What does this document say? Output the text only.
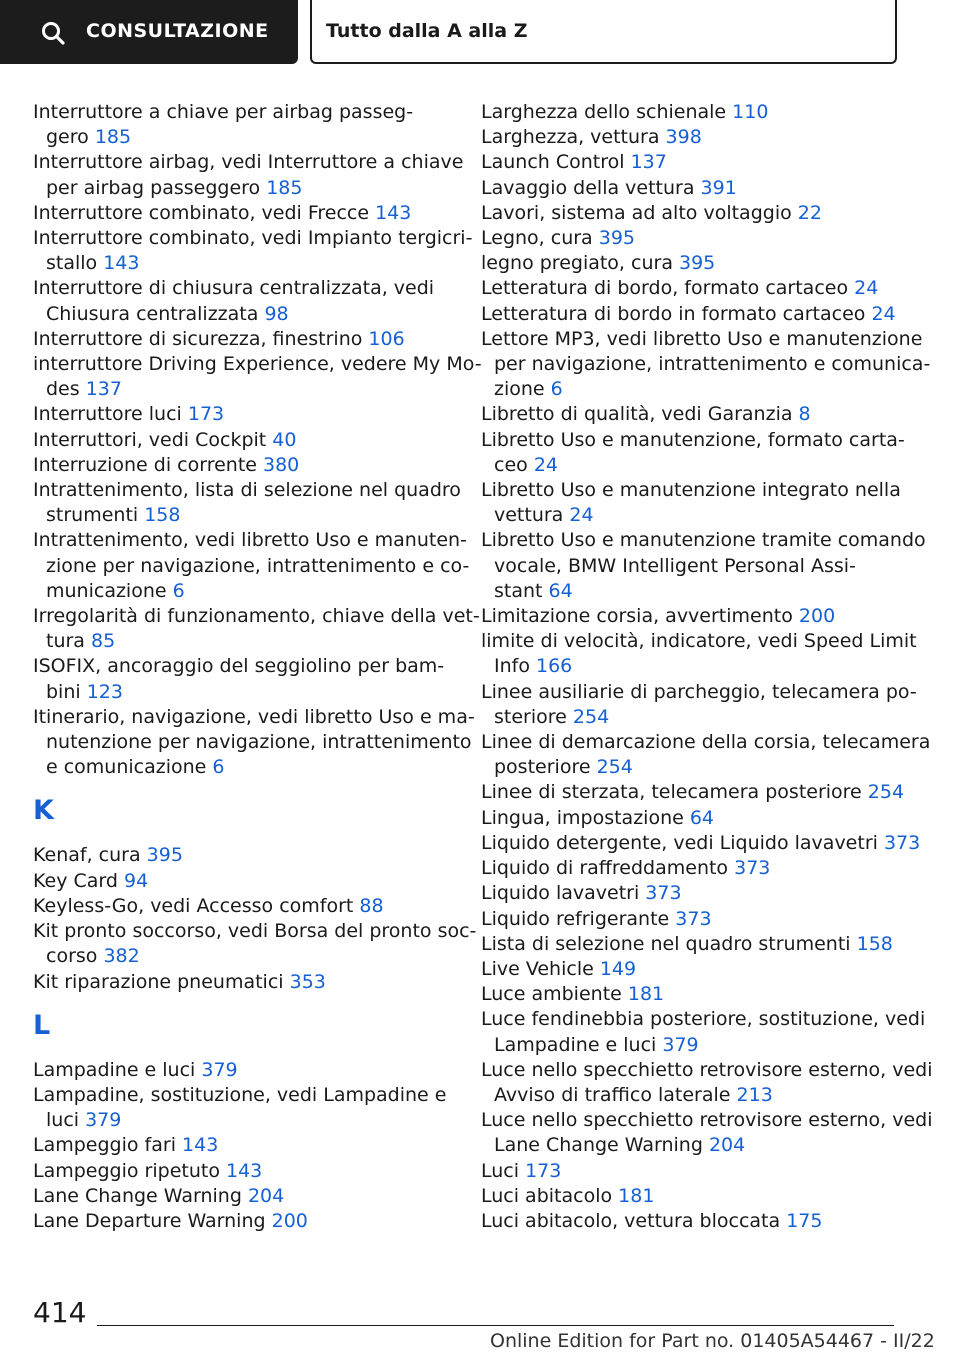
CONSULTAZIONE	Tutto dalla A alla Z
Interruttore a chiave per airbag passeg-
gero 185
Interruttore airbag, vedi Interruttore a chiave
per airbag passeggero 185
Interruttore combinato, vedi Frecce 143
Interruttore combinato, vedi Impianto tergicri-
stallo 143
Interruttore di chiusura centralizzata, vedi
Chiusura centralizzata 98
Interruttore di sicurezza, finestrino 106
interruttore Driving Experience, vedere My Mo-
des 137
Interruttore luci 173
Interruttori, vedi Cockpit 40
Interruzione di corrente 380
Intrattenimento, lista di selezione nel quadro
strumenti 158
Intrattenimento, vedi libretto Uso e manuten-
zione per navigazione, intrattenimento e co-
municazione 6
Irregolarità di funzionamento, chiave della vet-
tura 85
ISOFIX, ancoraggio del seggiolino per bam-
bini 123
Itinerario, navigazione, vedi libretto Uso e ma-
nutenzione per navigazione, intrattenimento
e comunicazione 6
K
Kenaf, cura 395
Key Card 94
Keyless-Go, vedi Accesso comfort 88
Kit pronto soccorso, vedi Borsa del pronto soc-
corso 382
Kit riparazione pneumatici 353
L
Lampadine e luci 379
Lampadine, sostituzione, vedi Lampadine e
luci 379
Lampeggio fari 143
Lampeggio ripetuto 143
Lane Change Warning 204
Lane Departure Warning 200
Larghezza dello schienale 110
Larghezza, vettura 398
Launch Control 137
Lavaggio della vettura 391
Lavori, sistema ad alto voltaggio 22
Legno, cura 395
legno pregiato, cura 395
Letteratura di bordo, formato cartaceo 24
Letteratura di bordo in formato cartaceo 24
Lettore MP3, vedi libretto Uso e manutenzione
per navigazione, intrattenimento e comunica-
zione 6
Libretto di qualità, vedi Garanzia 8
Libretto Uso e manutenzione, formato carta-
ceo 24
Libretto Uso e manutenzione integrato nella
vettura 24
Libretto Uso e manutenzione tramite comando
vocale, BMW Intelligent Personal Assi-
stant 64
Limitazione corsia, avvertimento 200
limite di velocità, indicatore, vedi Speed Limit
Info 166
Linee ausiliarie di parcheggio, telecamera po-
steriore 254
Linee di demarcazione della corsia, telecamera
posteriore 254
Linee di sterzata, telecamera posteriore 254
Lingua, impostazione 64
Liquido detergente, vedi Liquido lavavetri 373
Liquido di raffreddamento 373
Liquido lavavetri 373
Liquido refrigerante 373
Lista di selezione nel quadro strumenti 158
Live Vehicle 149
Luce ambiente 181
Luce fendinebbia posteriore, sostituzione, vedi
Lampadine e luci 379
Luce nello specchietto retrovisore esterno, vedi
Avviso di traffico laterale 213
Luce nello specchietto retrovisore esterno, vedi
Lane Change Warning 204
Luci 173
Luci abitacolo 181
Luci abitacolo, vettura bloccata 175
414
Online Edition for Part no. 01405A54467 - II/22
